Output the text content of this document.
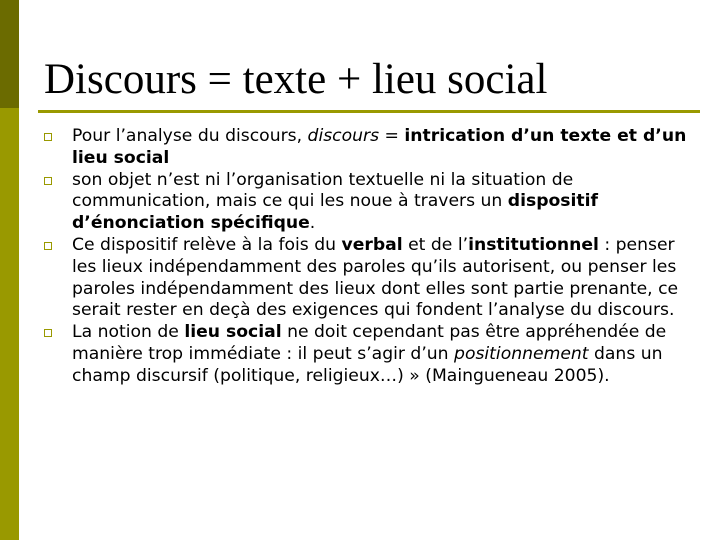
Discours = texte + lieu social
Pour l’analyse du discours, discours = intrication d’un texte et d’un lieu social
son objet n’est ni l’organisation textuelle ni la situation de communication, mais ce qui les noue à travers un dispositif d’énonciation spécifique.
Ce dispositif relève à la fois du verbal et de l’institutionnel : penser les lieux indépendamment des paroles qu’ils autorisent, ou penser les paroles indépendamment des lieux dont elles sont partie prenante, ce serait rester en deçà des exigences qui fondent l’analyse du discours.
La notion de lieu social ne doit cependant pas être appréhendée de manière trop immédiate : il peut s’agir d’un positionnement dans un champ discursif (politique, religieux…) » (Maingueneau 2005).
